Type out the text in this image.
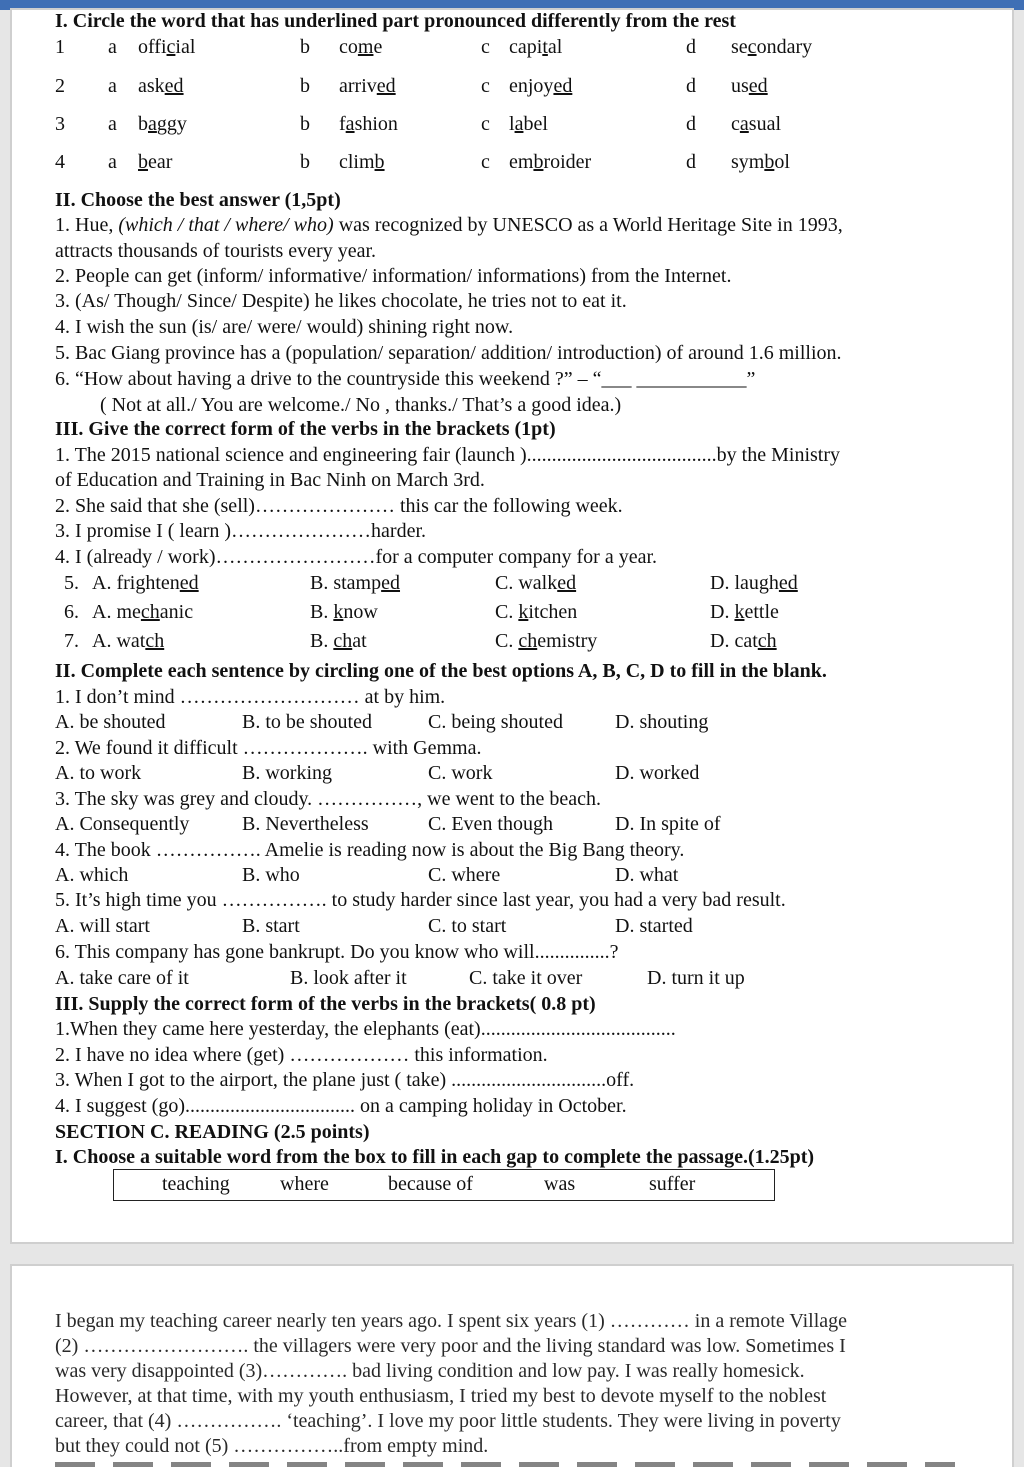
I. Circle the word that has underlined part pronounced differently from the rest
1 a official	b come	c capital	d secondary
2 a asked	b arrived	c enjoyed	d used
3 a baggy	b fashion	c label	d casual
4 a bear	b climb	c embroider	d symbol
II. Choose the best answer (1,5pt)
1. Hue, (which / that / where/ who) was recognized by UNESCO as a World Heritage Site in 1993,
attracts thousands of tourists every year.
2. People can get (inform/ informative/ information/ informations) from the Internet.
3. (As/ Though/ Since/ Despite) he likes chocolate, he tries not to eat it.
4. I wish the sun (is/ are/ were/ would) shining right now.
5. Bac Giang province has a (population/ separation/ addition/ introduction) of around 1.6 million.
6. “How about having a drive to the countryside this weekend ?” – “___ ___________”
( Not at all./ You are welcome./ No , thanks./ That’s a good idea.)
III. Give the correct form of the verbs in the brackets (1pt)
1. The 2015 national science and engineering fair (launch )......................................by the Ministry
of Education and Training in Bac Ninh on March 3rd.
2. She said that she (sell)………………… this car the following week.
3. I promise I ( learn )…………………harder.
4. I (already / work)……………………for a computer company for a year.
5. A. frightened	B. stamped	C. walked	D. laughed
6. A. mechanic	B. know	C. kitchen	D. kettle
7. A. watch	B. chat	C. chemistry	D. catch
II. Complete each sentence by circling one of the best options A, B, C, D to fill in the blank.
1. I don’t mind ……………………… at by him.
A. be shouted	B. to be shouted	C. being shouted	D. shouting
2. We found it difficult ………………. with Gemma.
A. to work	B. working	C. work	D. worked
3. The sky was grey and cloudy. ……………, we went to the beach.
A. Consequently	B. Nevertheless	C. Even though	D. In spite of
4. The book ……………. Amelie is reading now is about the Big Bang theory.
A. which	B. who	C. where	D. what
5. It’s high time you ……………. to study harder since last year, you had a very bad result.
A. will start	B. start	C. to start	D. started
6. This company has gone bankrupt. Do you know who will...............?
A. take care of it	B. look after it	C. take it over	D. turn it up
III. Supply the correct form of the verbs in the brackets( 0.8 pt)
1.When they came here yesterday, the elephants (eat).......................................
2. I have no idea where (get) ……………… this information.
3. When I got to the airport, the plane just ( take) ...............................off.
4. I suggest (go).................................. on a camping holiday in October.
SECTION C. READING (2.5 points)
I. Choose a suitable word from the box to fill in each gap to complete the passage.(1.25pt)
teaching	where	because of	was	suffer
I began my teaching career nearly ten years ago. I spent six years (1) ………… in a remote Village
(2) ……………………. the villagers were very poor and the living standard was low. Sometimes I
was very disappointed (3)…………. bad living condition and low pay. I was really homesick.
However, at that time, with my youth enthusiasm, I tried my best to devote myself to the noblest
career, that (4) ……………. ‘teaching’. I love my poor little students. They were living in poverty
but they could not (5) ……………..from empty mind.
